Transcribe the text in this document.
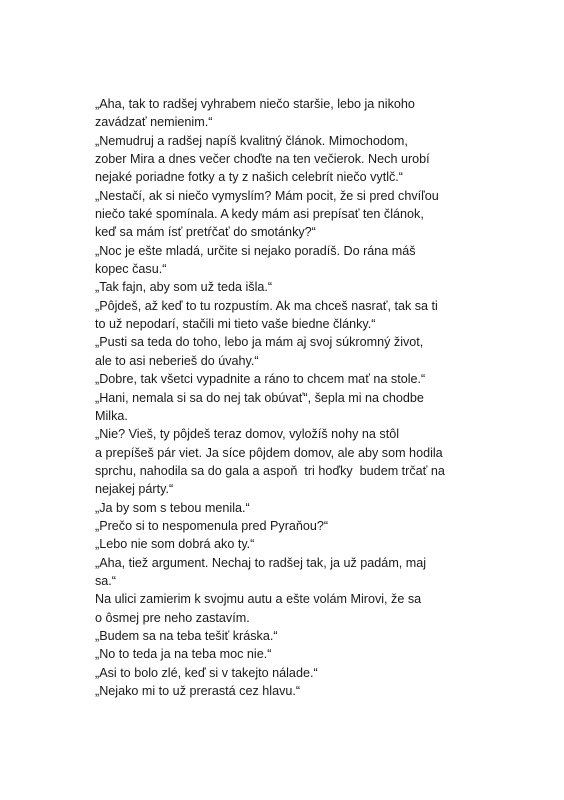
„Aha, tak to radšej vyhrabem niečo staršie, lebo ja nikoho
zavádzať nemienim.“

„Nemudruj a radšej napíš kvalitný článok. Mimochodom,
zober Mira a dnes večer choďte na ten večierok. Nech urobí
nejaké poriadne fotky a ty z našich celebrít niečo vytlč.“

„Nestačí, ak si niečo vymyslím? Mám pocit, že si pred chvíľou
niečo také spomínala. A kedy mám asi prepísať ten článok,
keď sa mám ísť pretŕčať do smotánky?“

„Noc je ešte mladá, určite si nejako poradíš. Do rána máš
kopec času.“

„Tak fajn, aby som už teda išla.“

„Pôjdeš, až keď to tu rozpustím. Ak ma chceš nasrať, tak sa ti
to už nepodarí, stačili mi tieto vaše biedne články.“

„Pusti sa teda do toho, lebo ja mám aj svoj súkromný život,
ale to asi neberieš do úvahy.“

„Dobre, tak všetci vypadnite a ráno to chcem mať na stole.“

„Hani, nemala si sa do nej tak obúvať“, šepla mi na chodbe
Milka.

„Nie? Vieš, ty pôjdeš teraz domov, vyložíš nohy na stôl
a prepíšeš pár viet. Ja síce pôjdem domov, ale aby som hodila
sprchu, nahodila sa do gala a aspoň  tri hoďky  budem trčať na
nejakej párty.“

„Ja by som s tebou menila.“

„Prečo si to nespomenula pred Pyraňou?“

„Lebo nie som dobrá ako ty.“

„Aha, tiež argument. Nechaj to radšej tak, ja už padám, maj
sa.“

Na ulici zamierim k svojmu autu a ešte volám Mirovi, že sa
o ôsmej pre neho zastavím.

„Budem sa na teba tešiť kráska.“

„No to teda ja na teba moc nie.“

„Asi to bolo zlé, keď si v takejto nálade.“

„Nejako mi to už prerastá cez hlavu.“
